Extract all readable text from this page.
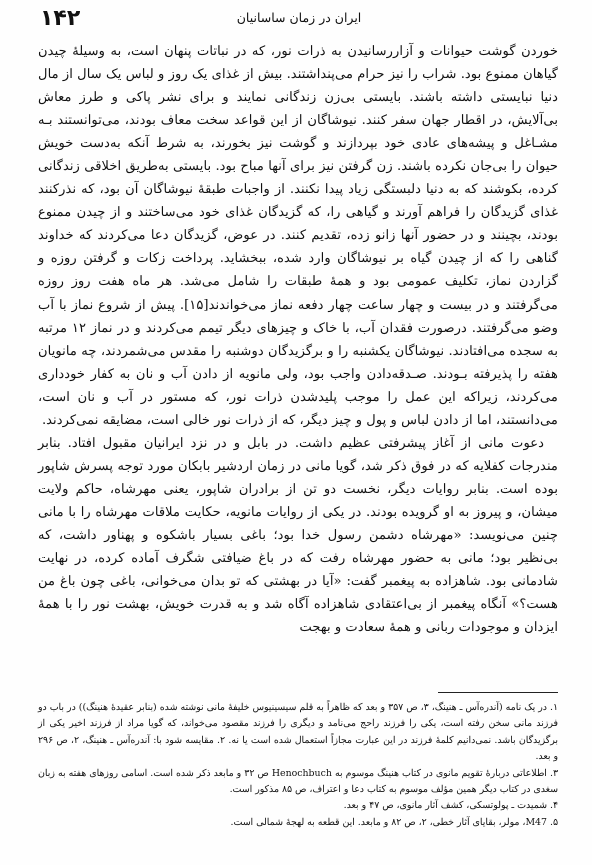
۱۴۲	ایران در زمان ساسانیان

خوردن گوشت حیوانات و آزاررسانیدن به ذرات نور، که در نباتات پنهان است، به وسیلهٔ چیدن گیاهان ممنوع بود. شراب را نیز حرام می‌پنداشتند. بیش از غذای یک روز و لباس یک سال از مال دنیا نبایستی داشته باشند. بایستی بی‌زن زندگانی نمایند و برای نشر پاکی و طرز معاش بی‌آلایش، در اقطار جهان سفر کنند. نیوشاگان از این قواعد سخت معاف بودند، می‌توانستند بـه مشـاغل و پیشه‌های عادی خود بپردازند و گوشت نیز بخورند، به شرط آنکه به‌دست خویش حیوان را بی‌جان نکرده باشند. زن گرفتن نیز برای آنها مباح بود. بایستی به‌طریق اخلاقی زندگانی کرده، بکوشند که به دنیا دلبستگی زیاد پیدا نکنند. از واجبات طبقهٔ نیوشاگان آن بود، که نذرکنند غذای گزیدگان را فراهم آورند و گیاهی را، که گزیدگان غذای خود می‌ساختند و از چیدن ممنوع بودند، بچینند و در حضور آنها زانو زده، تقدیم کنند. در عوض، گزیدگان دعا می‌کردند که خداوند گناهی را که از چیدن گیاه بر نیوشاگان وارد شده، ببخشاید. پرداخت زکات و گرفتن روزه و گزاردن نماز، تکلیف عمومی بود و همهٔ طبقات را شامل می‌شد. هر ماه هفت روز روزه می‌گرفتند و در بیست و چهار ساعت چهار دفعه نماز می‌خواندند[۱۵]. پیش از شروع نماز با آب وضو می‌گرفتند. درصورت فقدان آب، با خاک و چیزهای دیگر تیمم می‌کردند و در نماز ۱۲ مرتبه به سجده می‌افتادند. نیوشاگان یکشنبه را و برگزیدگان دوشنبه را مقدس می‌شمردند، چه مانویان هفته را پذیرفته بـودند. صـدقه‌دادن واجب بود، ولی مانویه از دادن آب و نان به کفار خودداری می‌کردند، زیراکه این عمل را موجب پلیدشدن ذرات نور، که مستور در آب و نان است، می‌دانستند، اما از دادن لباس و پول و چیز دیگر، که از ذرات نور خالی است، مضایقه نمی‌کردند.

دعوت مانی از آغاز پیشرفتی عظیم داشت. در بابل و در نزد ایرانیان مقبول افتاد. بنابر مندرجات کفلایه که در فوق ذکر شد، گویا مانی در زمان اردشیر بابکان مورد توجه پسرش شاپور بوده است. بنابر روایات دیگر، نخست دو تن از برادران شاپور، یعنی مهرشاه، حاکم ولایت میشان، و پیروز به او گرویده بودند. در یکی از روایات مانویه، حکایت ملاقات مهرشاه را با مانی چنین می‌نویسد: «مهرشاه دشمن رسول خدا بود؛ باغی بسیار باشکوه و پهناور داشت، که بی‌نظیر بود؛ مانی به حضور مهرشاه رفت که در باغ ضیافتی شگرف آماده کرده، در نهایت شادمانی بود. شاهزاده به پیغمبر گفت: «آیا در بهشتی که تو بدان می‌خوانی، باغی چون باغ من هست؟» آنگاه پیغمبر از بی‌اعتقادی شاهزاده آگاه شد و به قدرت خویش، بهشت نور را با همهٔ ایزدان و موجودات ربانی و همهٔ سعادت و بهجت

۱. در یک نامه (آندره‌آس ـ هنینگ، ۳، ص ۳۵۷ و بعد که ظاهراً به قلم سیسینیوس خلیفهٔ مانی نوشته شده (بنابر عقیدهٔ هنینگ)) در باب دو فرزند مانی سخن رفته است، یکی را فرزند راحج می‌نامد و دیگری را فرزند مقصود می‌خواند، که گویا مراد از فرزند اخیر یکی از برگزیدگان باشد. نمی‌دانیم کلمهٔ فرزند در این عبارت مجازاً استعمال شده است یا نه. ۲. مقایسه شود با: آندره‌آس ـ هنینگ، ۲، ص ۲۹۶ و بعد.
۳. اطلاعاتی دربارهٔ تقویم مانوی در کتاب هنینگ موسوم به Henochbuch ص ۳۲ و مابعد ذکر شده است. اسامی روزهای هفته به زبان سغدی در کتاب دیگر همین مؤلف موسوم به کتاب دعا و اعتراف، ص ۸۵ مذکور است.
۴. شمیدت ـ پولوتسکی، کشف آثار مانوی، ص ۴۷ و بعد.
۵. M47، مولر، بقایای آثار خطی، ۲، ص ۸۲ و مابعد. این قطعه به لهجهٔ شمالی است.
